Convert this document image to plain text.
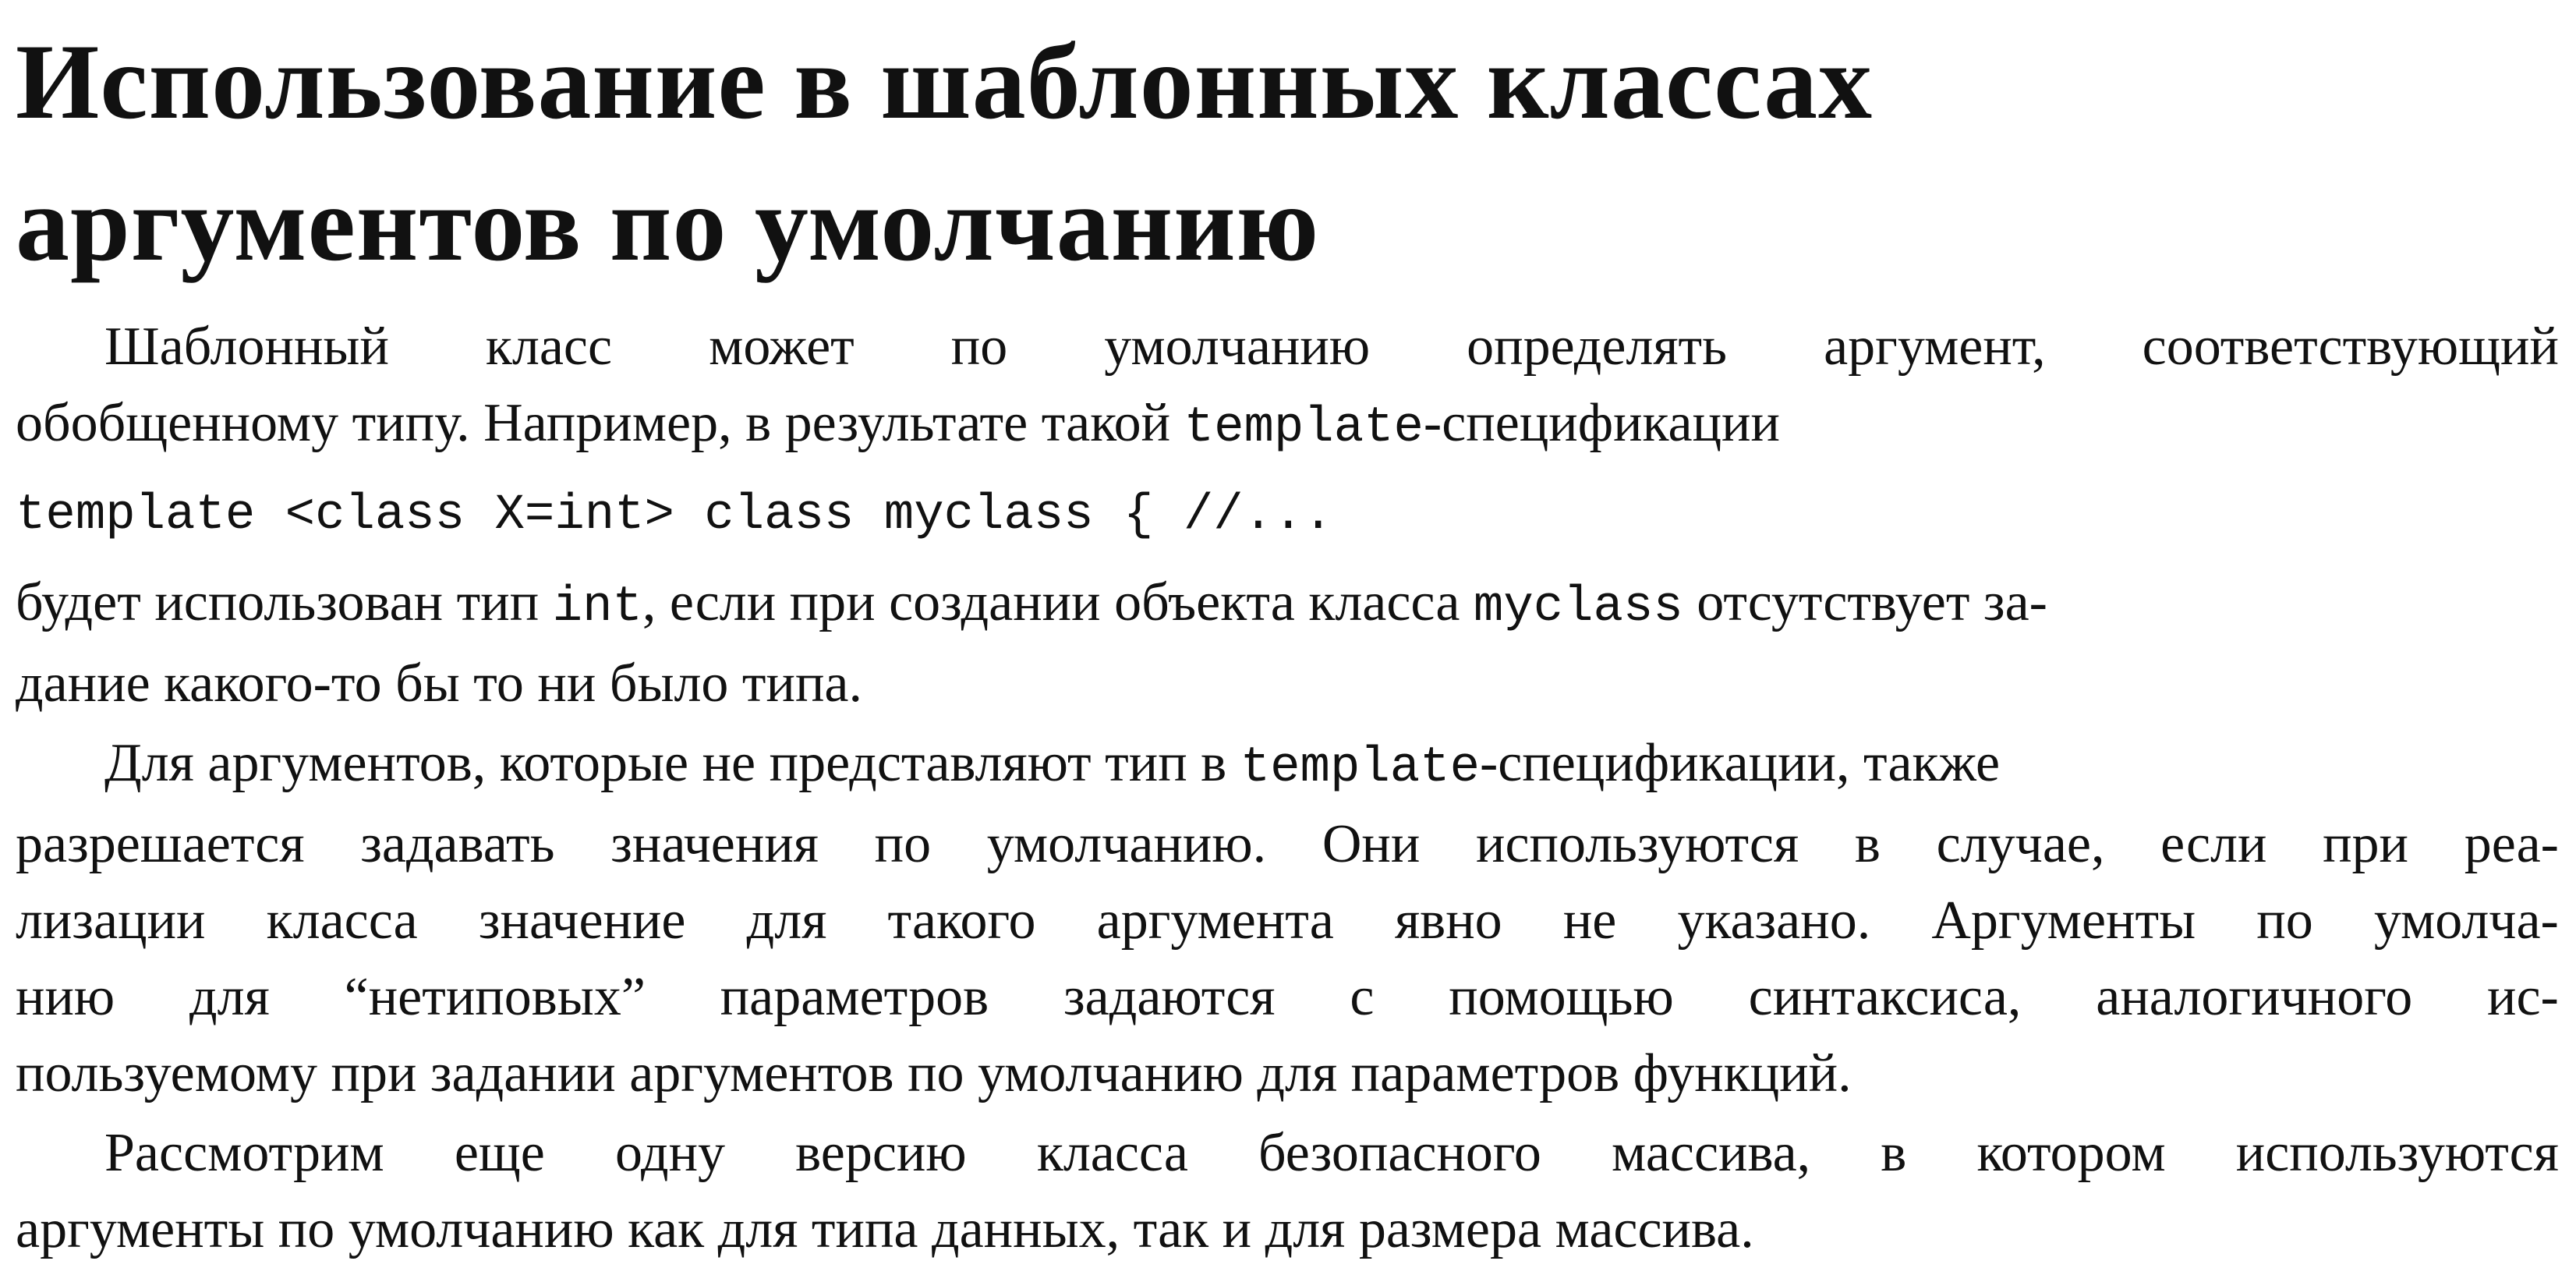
Использование в шаблонных классах
аргументов по умолчанию
Шаблонный класс может по умолчанию определять аргумент, соответствующий
обобщенному типу. Например, в результате такой template-спецификации
template <class X=int> class myclass { //...
будет использован тип int, если при создании объекта класса myclass отсутствует за-
дание какого-то бы то ни было типа.
Для аргументов, которые не представляют тип в template-спецификации, также
разрешается задавать значения по умолчанию. Они используются в случае, если при реа-
лизации класса значение для такого аргумента явно не указано. Аргументы по умолча-
нию для “нетиповых” параметров задаются с помощью синтаксиса, аналогичного ис-
пользуемому при задании аргументов по умолчанию для параметров функций.
Рассмотрим еще одну версию класса безопасного массива, в котором используются
аргументы по умолчанию как для типа данных, так и для размера массива.
